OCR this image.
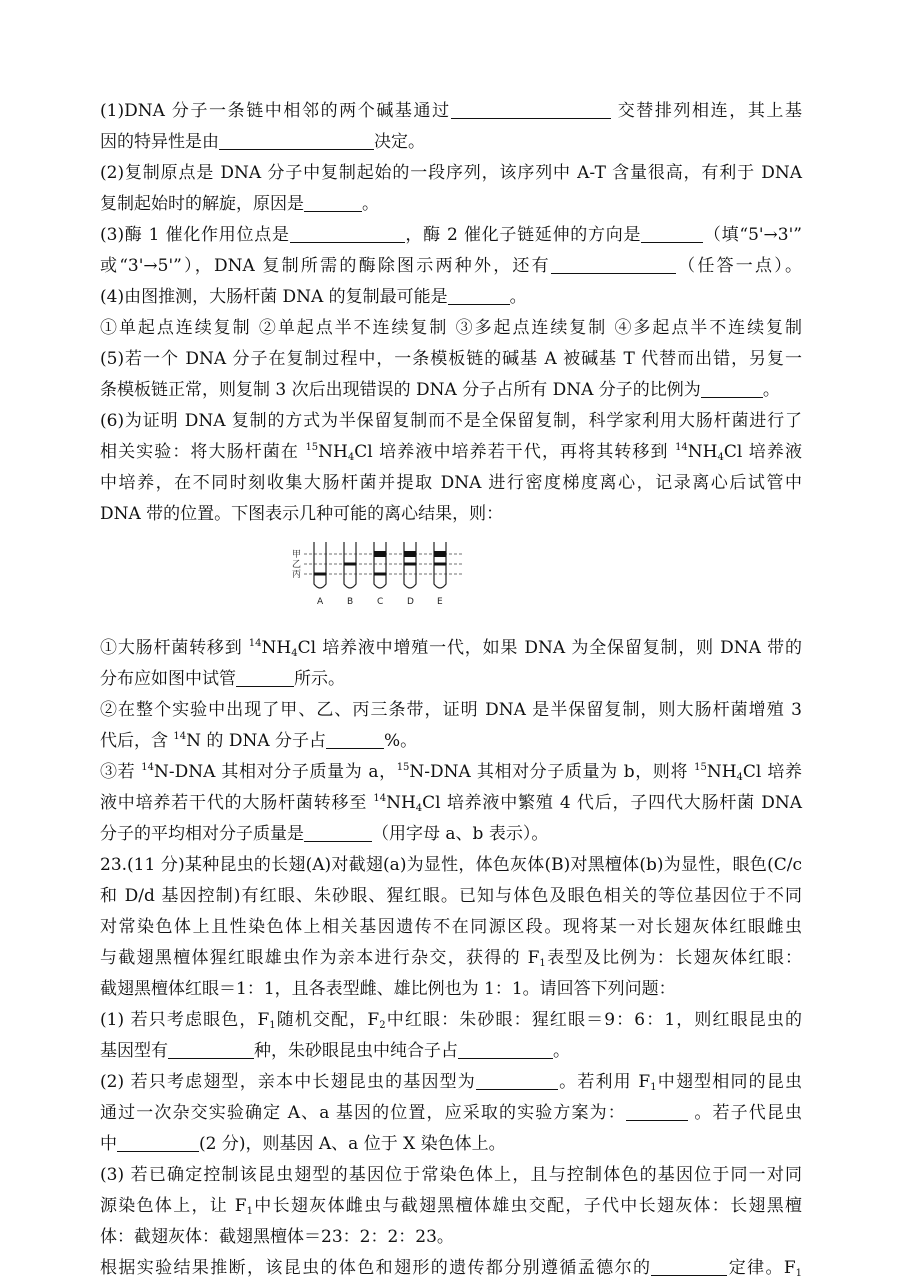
(1)DNA 分子一条链中相邻的两个碱基通过	交替排列相连，其上基
因的特异性是由	决定。
(2)复制原点是 DNA 分子中复制起始的一段序列，该序列中 A-T 含量很高，有利于 DNA
复制起始时的解旋，原因是	。
(3)酶 1 催化作用位点是	，酶 2 催化子链延伸的方向是	（填“5'→3'”
或“3'→5'”），DNA 复制所需的酶除图示两种外，还有	（任答一点）。
(4)由图推测，大肠杆菌 DNA 的复制最可能是	。
①单起点连续复制 ②单起点半不连续复制 ③多起点连续复制 ④多起点半不连续复制
(5)若一个 DNA 分子在复制过程中，一条模板链的碱基 A 被碱基 T 代替而出错，另复一
条模板链正常，则复制 3 次后出现错误的 DNA 分子占所有 DNA 分子的比例为	。
(6)为证明 DNA 复制的方式为半保留复制而不是全保留复制，科学家利用大肠杆菌进行了
相关实验：将大肠杆菌在 $^{15}NH_4Cl$ 培养液中培养若干代，再将其转移到 $^{14}NH_4Cl$ 培养液
中培养，在不同时刻收集大肠杆菌并提取 DNA 进行密度梯度离心，记录离心后试管中
DNA 带的位置。下图表示几种可能的离心结果，则：
甲
乙
丙
A	B	C	D	E
①大肠杆菌转移到 $^{14}NH_4Cl$ 培养液中增殖一代，如果 DNA 为全保留复制，则 DNA 带的
分布应如图中试管	所示。
②在整个实验中出现了甲、乙、丙三条带，证明 DNA 是半保留复制，则大肠杆菌增殖 3
代后，含 $^{14}$N 的 DNA 分子占	%。
③若 $^{14}$N-DNA 其相对分子质量为 a，$^{15}$N-DNA 其相对分子质量为 b，则将 $^{15}NH_4Cl$ 培养
液中培养若干代的大肠杆菌转移至 $^{14}NH_4Cl$ 培养液中繁殖 4 代后，子四代大肠杆菌 DNA
分子的平均相对分子质量是	（用字母 a、b 表示）。
23.(11 分)某种昆虫的长翅(A)对截翅(a)为显性，体色灰体(B)对黑檀体(b)为显性，眼色(C/c
和 D/d 基因控制)有红眼、朱砂眼、猩红眼。已知与体色及眼色相关的等位基因位于不同
对常染色体上且性染色体上相关基因遗传不在同源区段。现将某一对长翅灰体红眼雌虫
与截翅黑檀体猩红眼雄虫作为亲本进行杂交，获得的 $F_1$表型及比例为：长翅灰体红眼：
截翅黑檀体红眼＝1：1，且各表型雌、雄比例也为 1：1。请回答下列问题：
(1) 若只考虑眼色，$F_1$随机交配，$F_2$中红眼：朱砂眼：猩红眼＝9：6：1，则红眼昆虫的
基因型有	种，朱砂眼昆虫中纯合子占	。
(2) 若只考虑翅型，亲本中长翅昆虫的基因型为	。若利用 $F_1$中翅型相同的昆虫
通过一次杂交实验确定 A、a 基因的位置，应采取的实验方案为：	。若子代昆虫
中	(2 分)，则基因 A、a 位于 X 染色体上。
(3) 若已确定控制该昆虫翅型的基因位于常染色体上，且与控制体色的基因位于同一对同
源染色体上，让 $F_1$中长翅灰体雌虫与截翅黑檀体雄虫交配，子代中长翅灰体：长翅黑檀
体：截翅灰体：截翅黑檀体＝23：2：2：23。
根据实验结果推断，该昆虫的体色和翅形的遗传都分别遵循孟德尔的	定律。$F_1$
